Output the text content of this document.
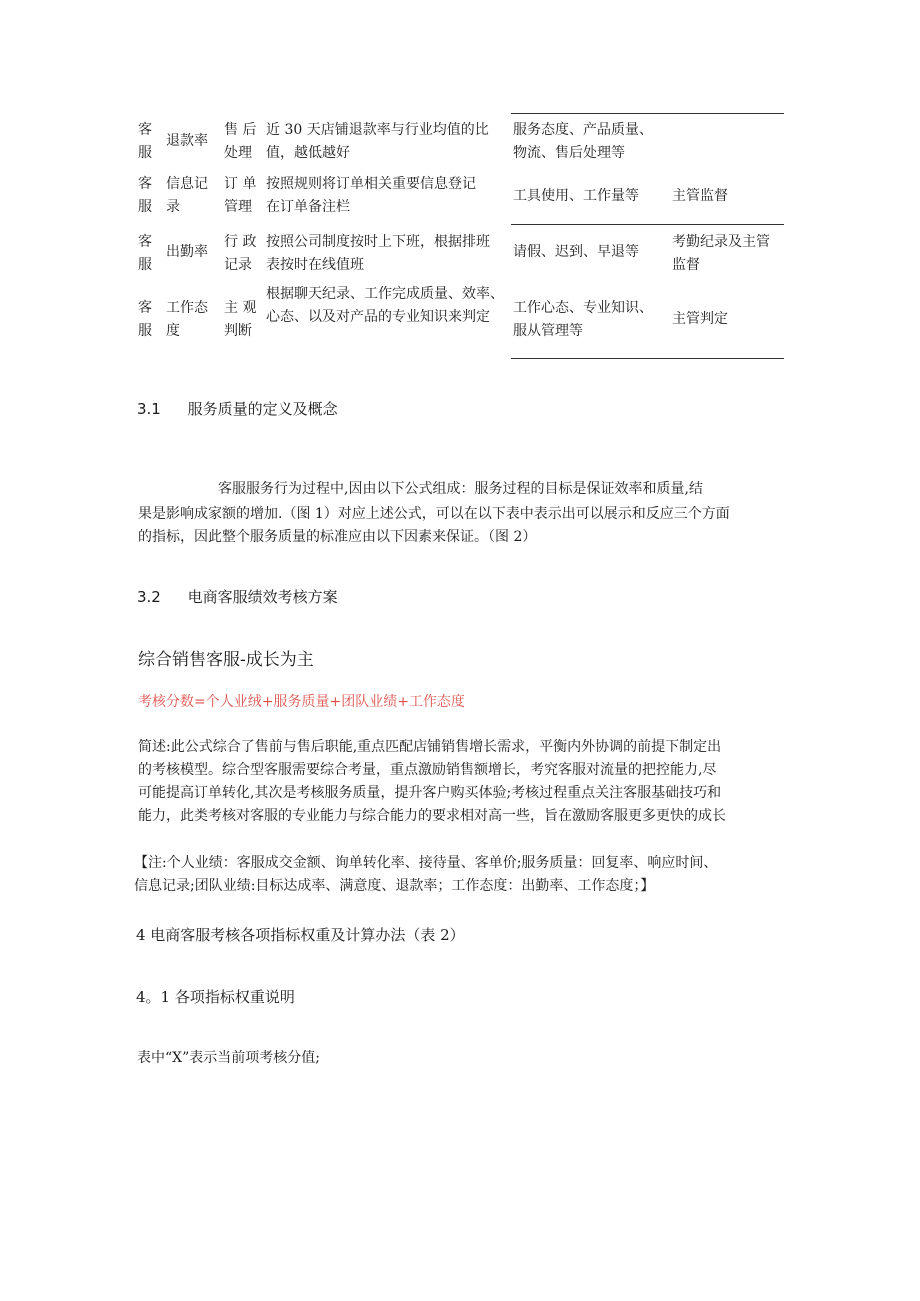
客
服
退款率
售 后
处理
近 30 天店铺退款率与行业均值的比
值，越低越好
服务态度、产品质量、
物流、售后处理等
客
服
信息记
录
订 单
管理
按照规则将订单相关重要信息登记
在订单备注栏
工具使用、工作量等 主管监督
客
服
出勤率
行 政
记录
按照公司制度按时上下班，根据排班
表按时在线值班
请假、迟到、早退等
考勤纪录及主管
监督
客
服
工作态
度
主 观
判断
根据聊天纪录、工作完成质量、效率、
心态、以及对产品的专业知识来判定
工作心态、专业知识、
服从管理等
主管判定
3.1 服务质量的定义及概念
客服服务行为过程中,因由以下公式组成：服务过程的目标是保证效率和质量,结
果是影响成家额的增加.（图 1）对应上述公式，可以在以下表中表示出可以展示和反应三个方面
的指标，因此整个服务质量的标准应由以下因素来保证。（图 2）
3.2 电商客服绩效考核方案
综合销售客服-成长为主
考核分数=个人业绒+服务质量+团队业绩+工作态度
简述:此公式综合了售前与售后职能,重点匹配店铺销售增长需求，平衡内外协调的前提下制定出
的考核模型。综合型客服需要综合考量，重点激励销售额增长，考究客服对流量的把控能力,尽
可能提高订单转化,其次是考核服务质量，提升客户购买体验;考核过程重点关注客服基础技巧和
能力，此类考核对客服的专业能力与综合能力的要求相对高一些，旨在激励客服更多更快的成长
【注:个人业绩：客服成交金额、询单转化率、接待量、客单价;服务质量：回复率、响应时间、
信息记录;团队业绩:目标达成率、满意度、退款率；工作态度：出勤率、工作态度；】
4 电商客服考核各项指标权重及计算办法（表 2）
4。1 各项指标权重说明
表中“X”表示当前项考核分值;
